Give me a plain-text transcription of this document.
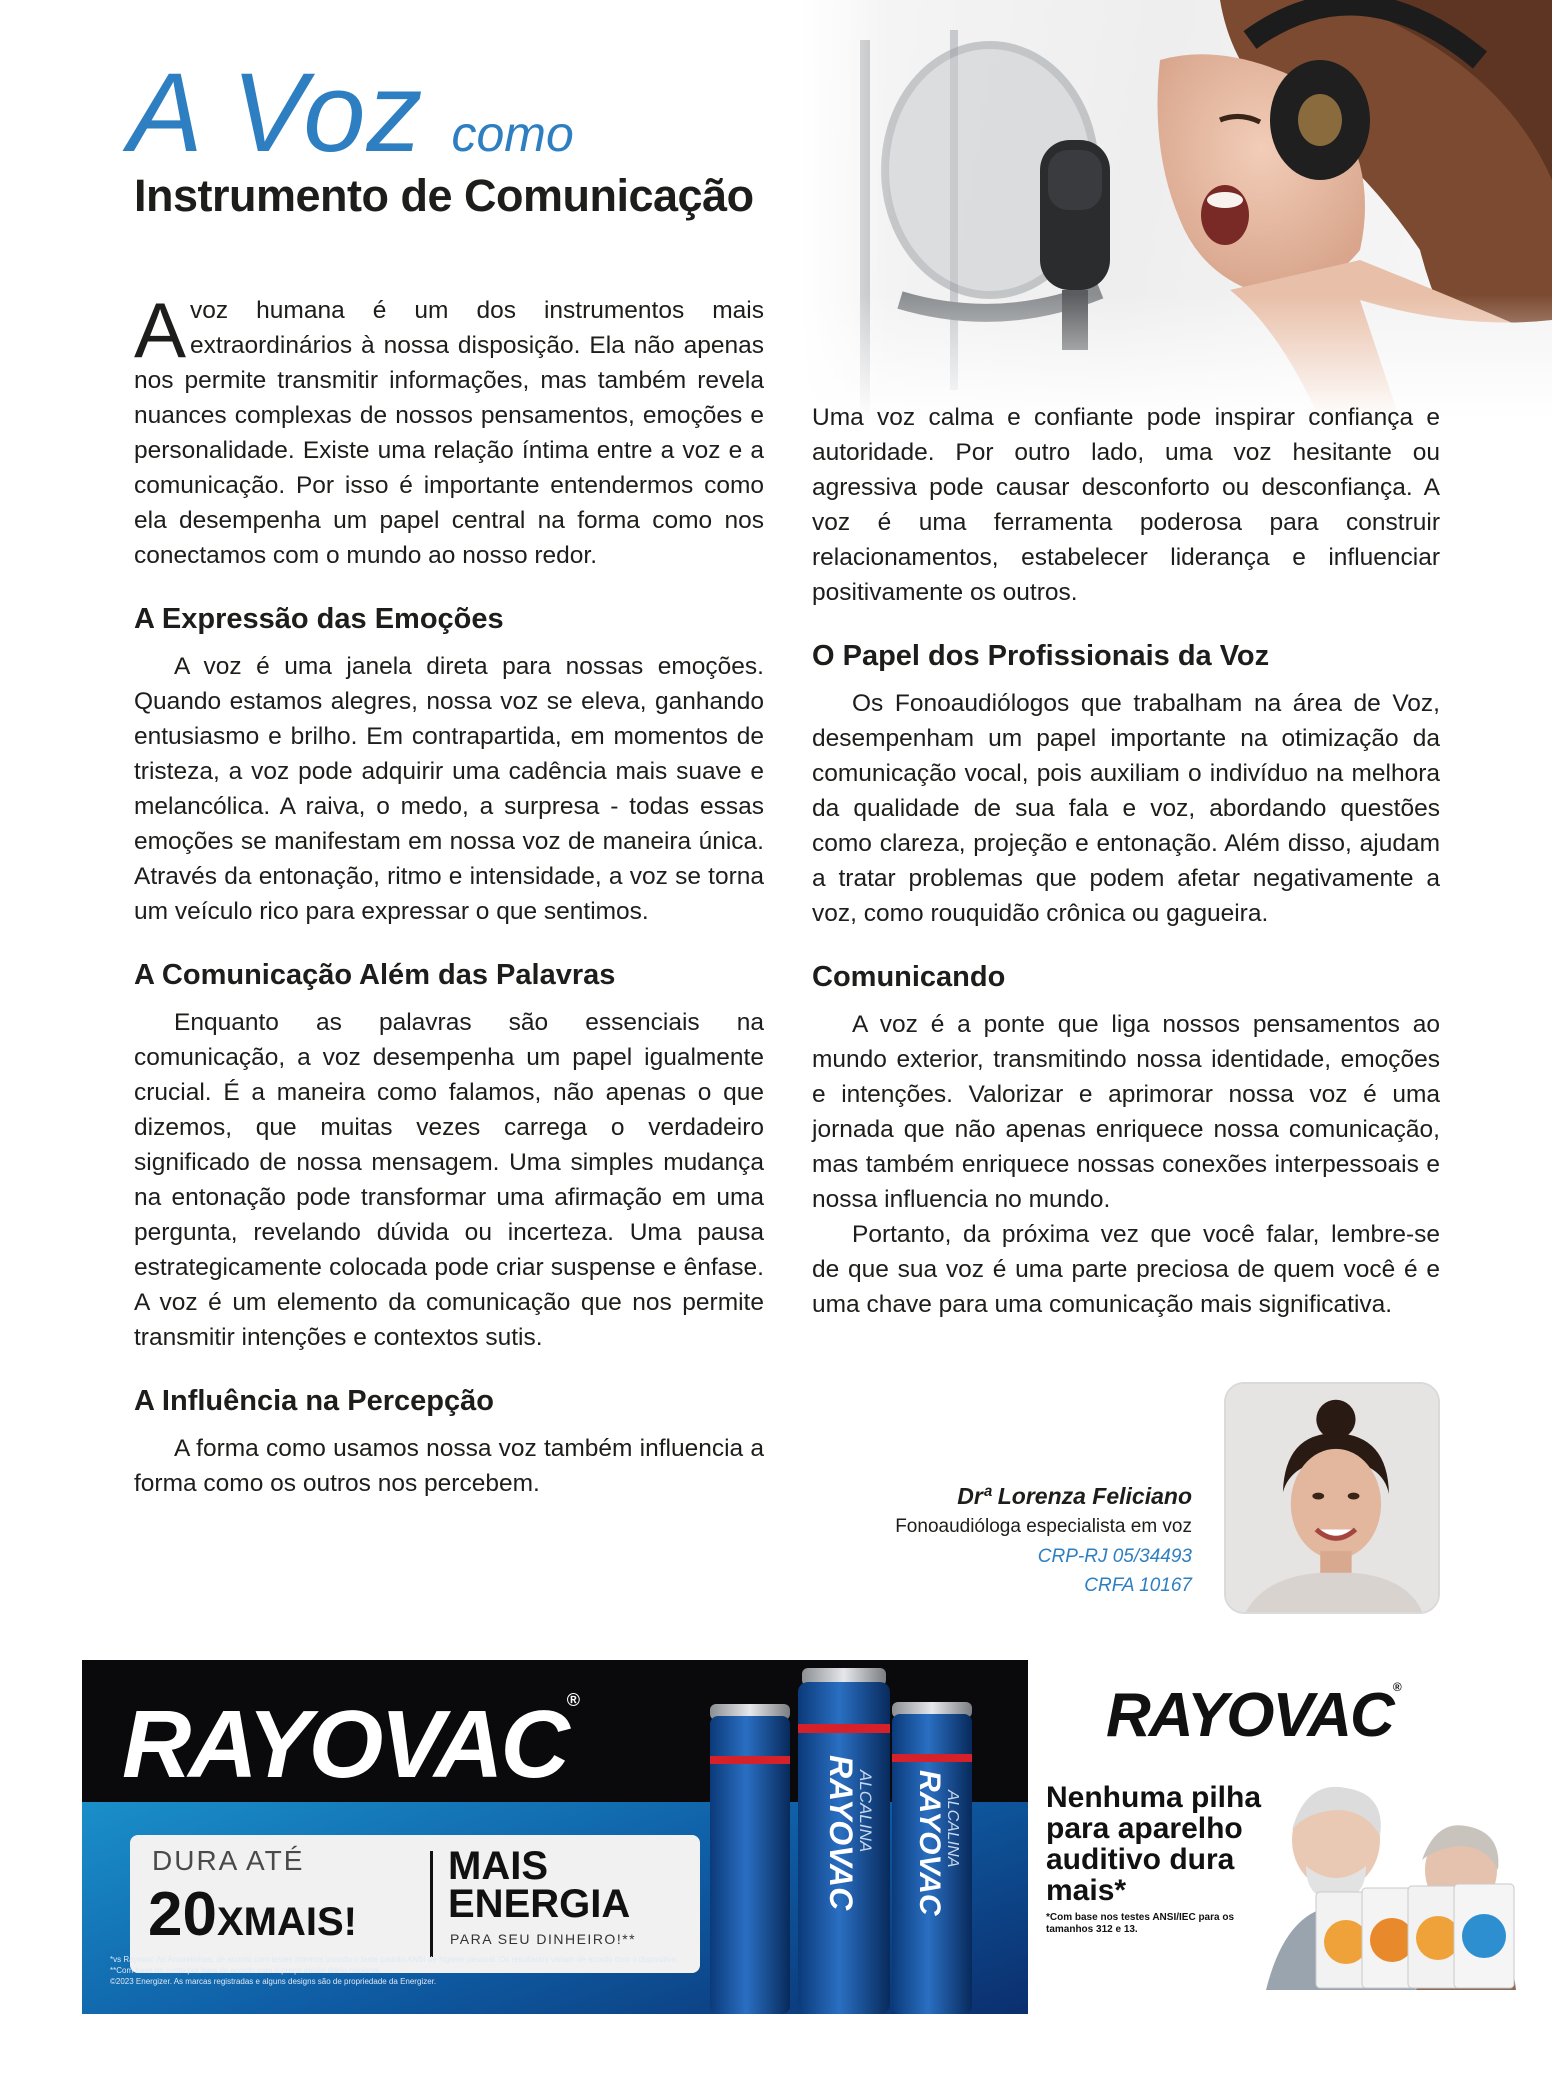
A Voz como
Instrumento de Comunicação

Avoz humana é um dos instrumentos mais extraordinários à nossa disposição. Ela não apenas nos permite transmitir informações, mas também revela nuances complexas de nossos pensamentos, emoções e personalidade. Existe uma relação íntima entre a voz e a comunicação. Por isso é importante entendermos como ela desempenha um papel central na forma como nos conectamos com o mundo ao nosso redor.

A Expressão das Emoções

A voz é uma janela direta para nossas emoções. Quando estamos alegres, nossa voz se eleva, ganhando entusiasmo e brilho. Em contrapartida, em momentos de tristeza, a voz pode adquirir uma cadência mais suave e melancólica. A raiva, o medo, a surpresa - todas essas emoções se manifestam em nossa voz de maneira única. Através da entonação, ritmo e intensidade, a voz se torna um veículo rico para expressar o que sentimos.

A Comunicação Além das Palavras

Enquanto as palavras são essenciais na comunicação, a voz desempenha um papel igualmente crucial. É a maneira como falamos, não apenas o que dizemos, que muitas vezes carrega o verdadeiro significado de nossa mensagem. Uma simples mudança na entonação pode transformar uma afirmação em uma pergunta, revelando dúvida ou incerteza. Uma pausa estrategicamente colocada pode criar suspense e ênfase. A voz é um elemento da comunicação que nos permite transmitir intenções e contextos sutis.

A Influência na Percepção

A forma como usamos nossa voz também influencia a forma como os outros nos percebem.

Uma voz calma e confiante pode inspirar confiança e autoridade. Por outro lado, uma voz hesitante ou agressiva pode causar desconforto ou desconfiança. A voz é uma ferramenta poderosa para construir relacionamentos, estabelecer liderança e influenciar positivamente os outros.

O Papel dos Profissionais da Voz

Os Fonoaudiólogos que trabalham na área de Voz, desempenham um papel importante na otimização da comunicação vocal, pois auxiliam o indivíduo na melhora da qualidade de sua fala e voz, abordando questões como clareza, projeção e entonação. Além disso, ajudam a tratar problemas que podem afetar negativamente a voz, como rouquidão crônica ou gagueira.

Comunicando

A voz é a ponte que liga nossos pensamentos ao mundo exterior, transmitindo nossa identidade, emoções e intenções. Valorizar e aprimorar nossa voz é uma jornada que não apenas enriquece nossa comunicação, mas também enriquece nossas conexões interpessoais e nossa influencia no mundo.

Portanto, da próxima vez que você falar, lembre-se de que sua voz é uma parte preciosa de quem você é e uma chave para uma comunicação mais significativa.

Drª Lorenza Feliciano
Fonoaudióloga especialista em voz
CRP-RJ 05/34493
CRFA 10167
RAYOVAC®
DURA ATÉ
20XMAIS!
MAIS ENERGIA
PARA SEU DINHEIRO!**
*vs Rayovac As Amarelinhas, de acordo com testes internos usando o teste padrão ANSI de higiene pessoal. Os resultados variam de acordo com o dispositivo.
**Com base no custo por hora de acordo com o preço médio diário nacional.
©2023 Energizer. As marcas registradas e alguns designs são de propriedade da Energizer.
RAYOVAC
ALCALINA RAYOVAC
ALCALINA
RAYOVAC®
Nenhuma pilha para aparelho auditivo dura mais*
*Com base nos testes ANSI/IEC para os tamanhos 312 e 13.
